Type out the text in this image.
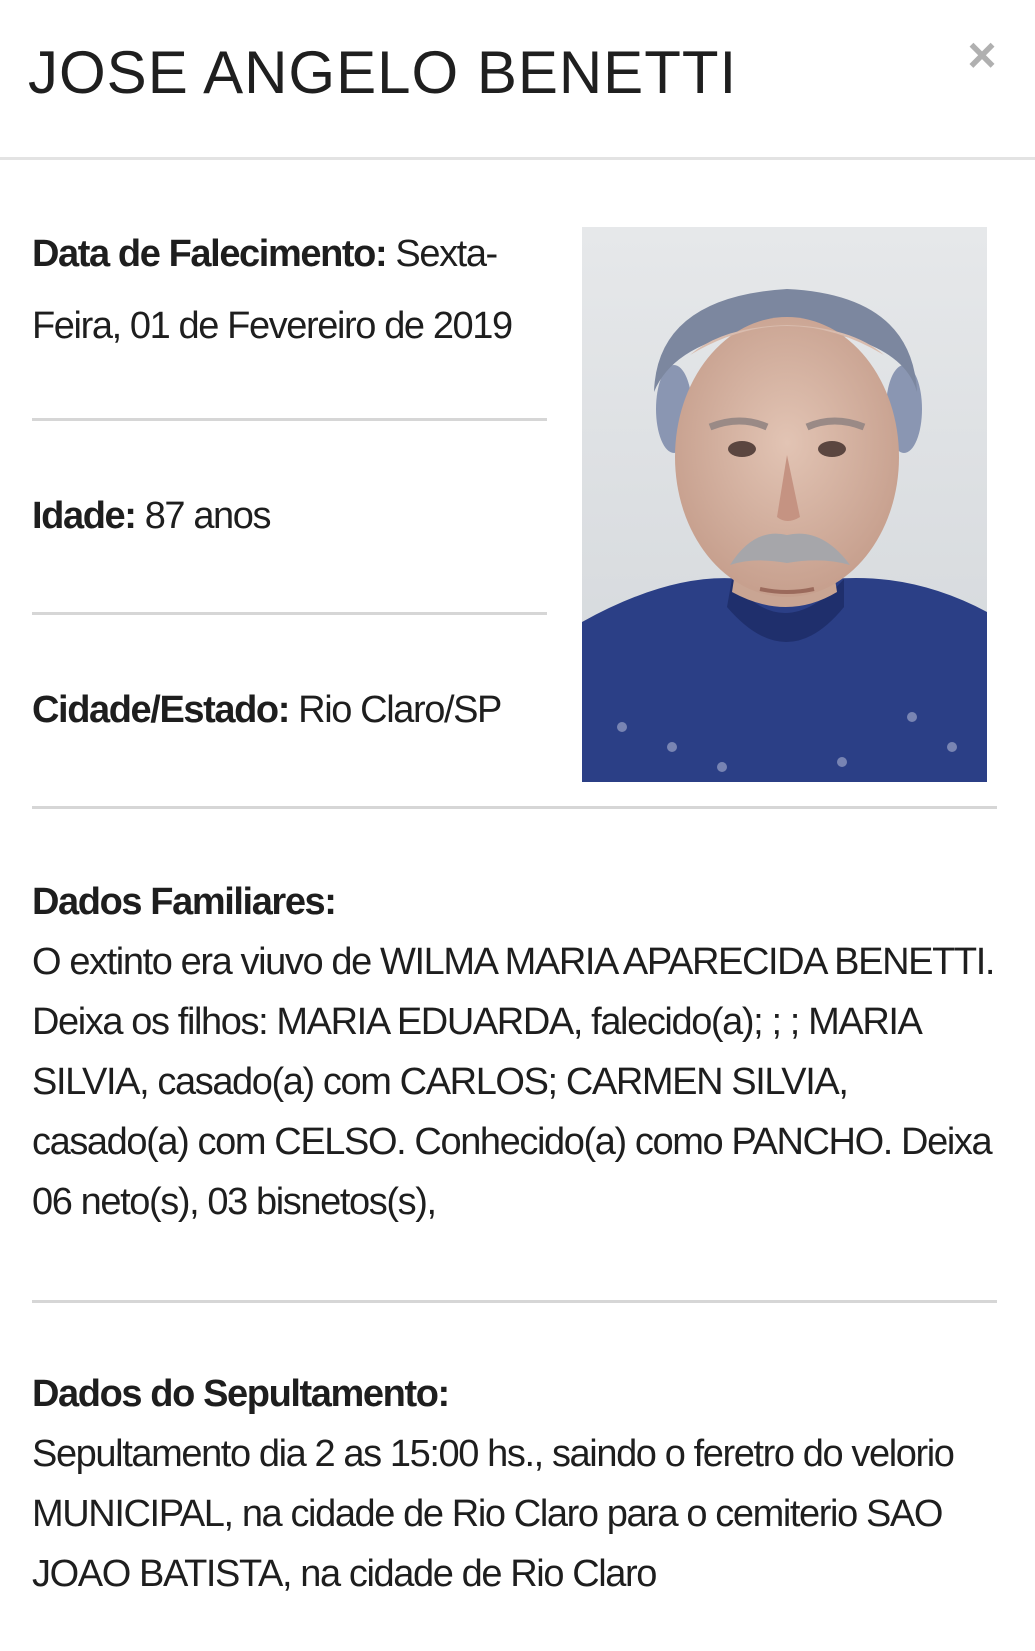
JOSE ANGELO BENETTI	×
Data de Falecimento: Sexta-Feira, 01 de Fevereiro de 2019
Idade: 87 anos
Cidade/Estado: Rio Claro/SP
Dados Familiares:
O extinto era viuvo de WILMA MARIA APARECIDA BENETTI. Deixa os filhos: MARIA EDUARDA, falecido(a); ; ; MARIA SILVIA, casado(a) com CARLOS; CARMEN SILVIA, casado(a) com CELSO. Conhecido(a) como PANCHO. Deixa 06 neto(s), 03 bisnetos(s),
Dados do Sepultamento:
Sepultamento dia 2 as 15:00 hs., saindo o feretro do velorio MUNICIPAL, na cidade de Rio Claro para o cemiterio SAO JOAO BATISTA, na cidade de Rio Claro
